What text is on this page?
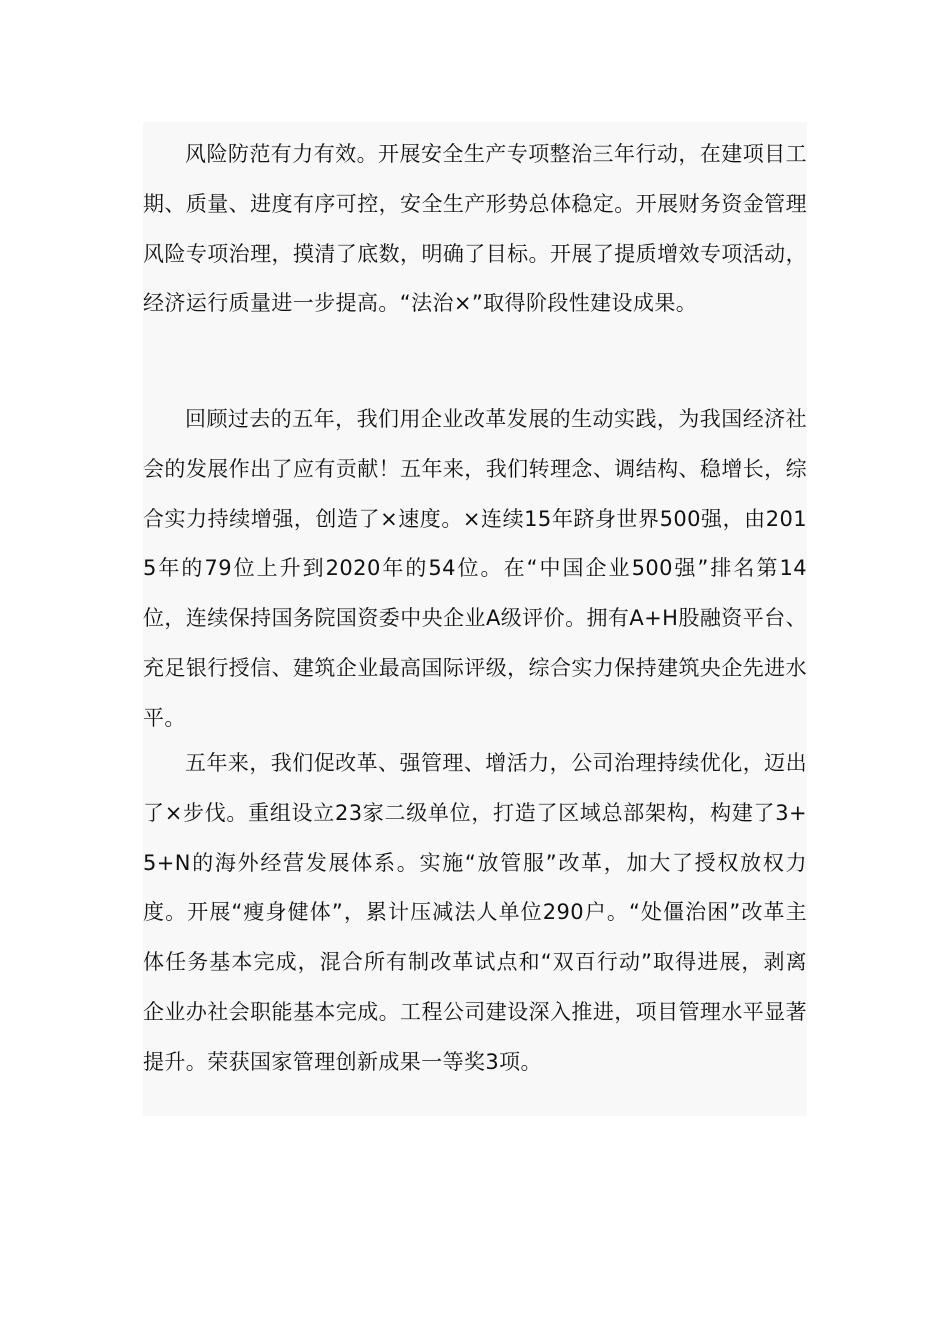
风险防范有力有效。开展安全生产专项整治三年行动，在建项目工期、质量、进度有序可控，安全生产形势总体稳定。开展财务资金管理风险专项治理，摸清了底数，明确了目标。开展了提质增效专项活动，经济运行质量进一步提高。“法治×”取得阶段性建设成果。

回顾过去的五年，我们用企业改革发展的生动实践，为我国经济社会的发展作出了应有贡献！五年来，我们转理念、调结构、稳增长，综合实力持续增强，创造了×速度。×连续15年跻身世界500强，由2015年的79位上升到2020年的54位。在“中国企业500强”排名第14位，连续保持国务院国资委中央企业A级评价。拥有A+H股融资平台、充足银行授信、建筑企业最高国际评级，综合实力保持建筑央企先进水平。

五年来，我们促改革、强管理、增活力，公司治理持续优化，迈出了×步伐。重组设立23家二级单位，打造了区域总部架构，构建了3+5+N的海外经营发展体系。实施“放管服”改革，加大了授权放权力度。开展“瘦身健体”，累计压减法人单位290户。“处僵治困”改革主体任务基本完成，混合所有制改革试点和“双百行动”取得进展，剥离企业办社会职能基本完成。工程公司建设深入推进，项目管理水平显著提升。荣获国家管理创新成果一等奖3项。
